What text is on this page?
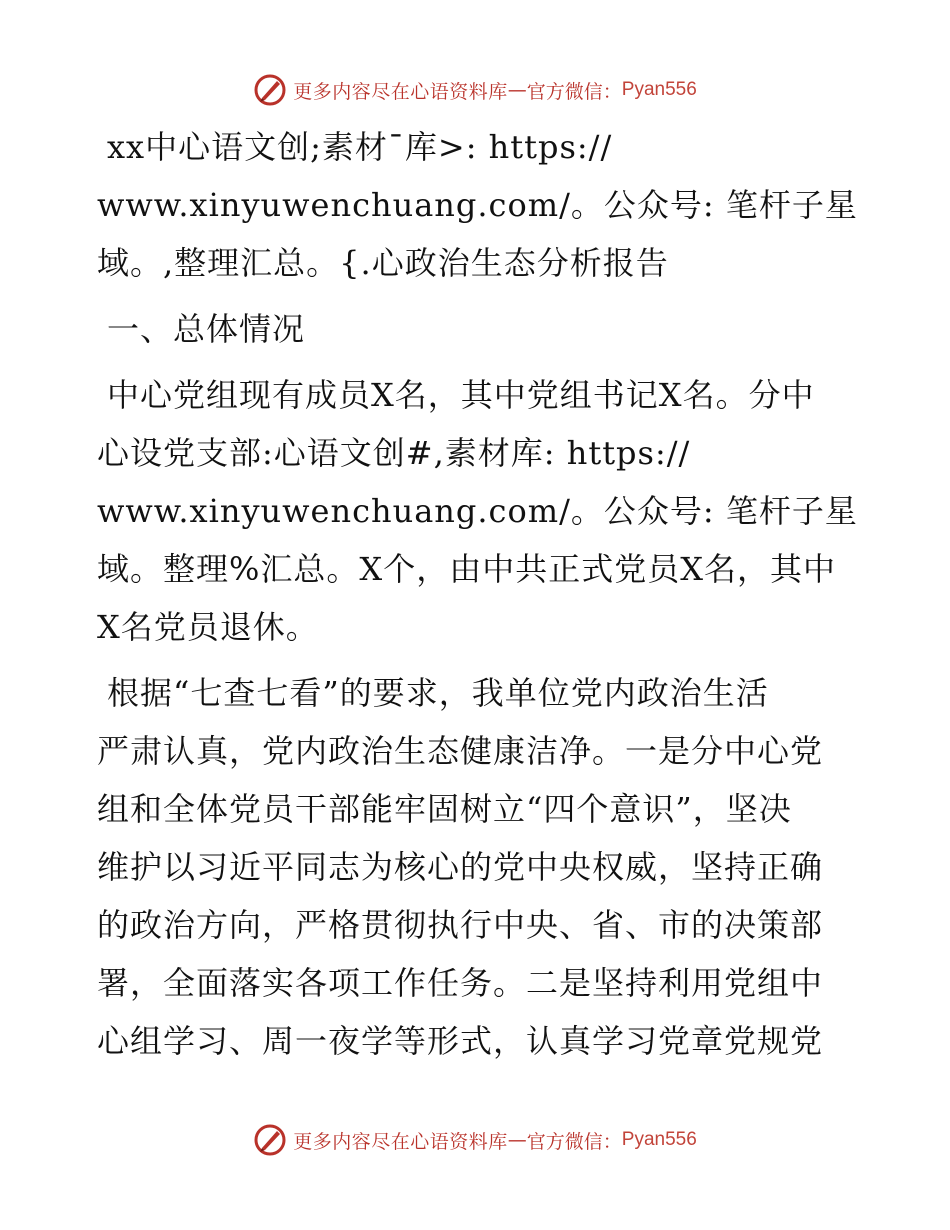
更多内容尽在心语资料库 — 官方微信 ： Pyan556
xx中心语文创;素材¯库>: https://
www.xinyuwenchuang.com/。公众号: 笔杆子星
域。,整理汇总。{.心政治生态分析报告
一、总体情况
中心党组现有成员X名，其中党组书记X名。分中
心设党支部:心语文创#,素材库: https://
www.xinyuwenchuang.com/。公众号: 笔杆子星
域。整理%汇总。X个，由中共正式党员X名，其中
X名党员退休。
根据“七查七看”的要求，我单位党内政治生活
严肃认真，党内政治生态健康洁净。一是分中心党
组和全体党员干部能牢固树立“四个意识”，坚决
维护以习近平同志为核心的党中央权威，坚持正确
的政治方向，严格贯彻执行中央、省、市的决策部
署，全面落实各项工作任务。二是坚持利用党组中
心组学习、周一夜学等形式，认真学习党章党规党
更多内容尽在心语资料库 — 官方微信 ： Pyan556
